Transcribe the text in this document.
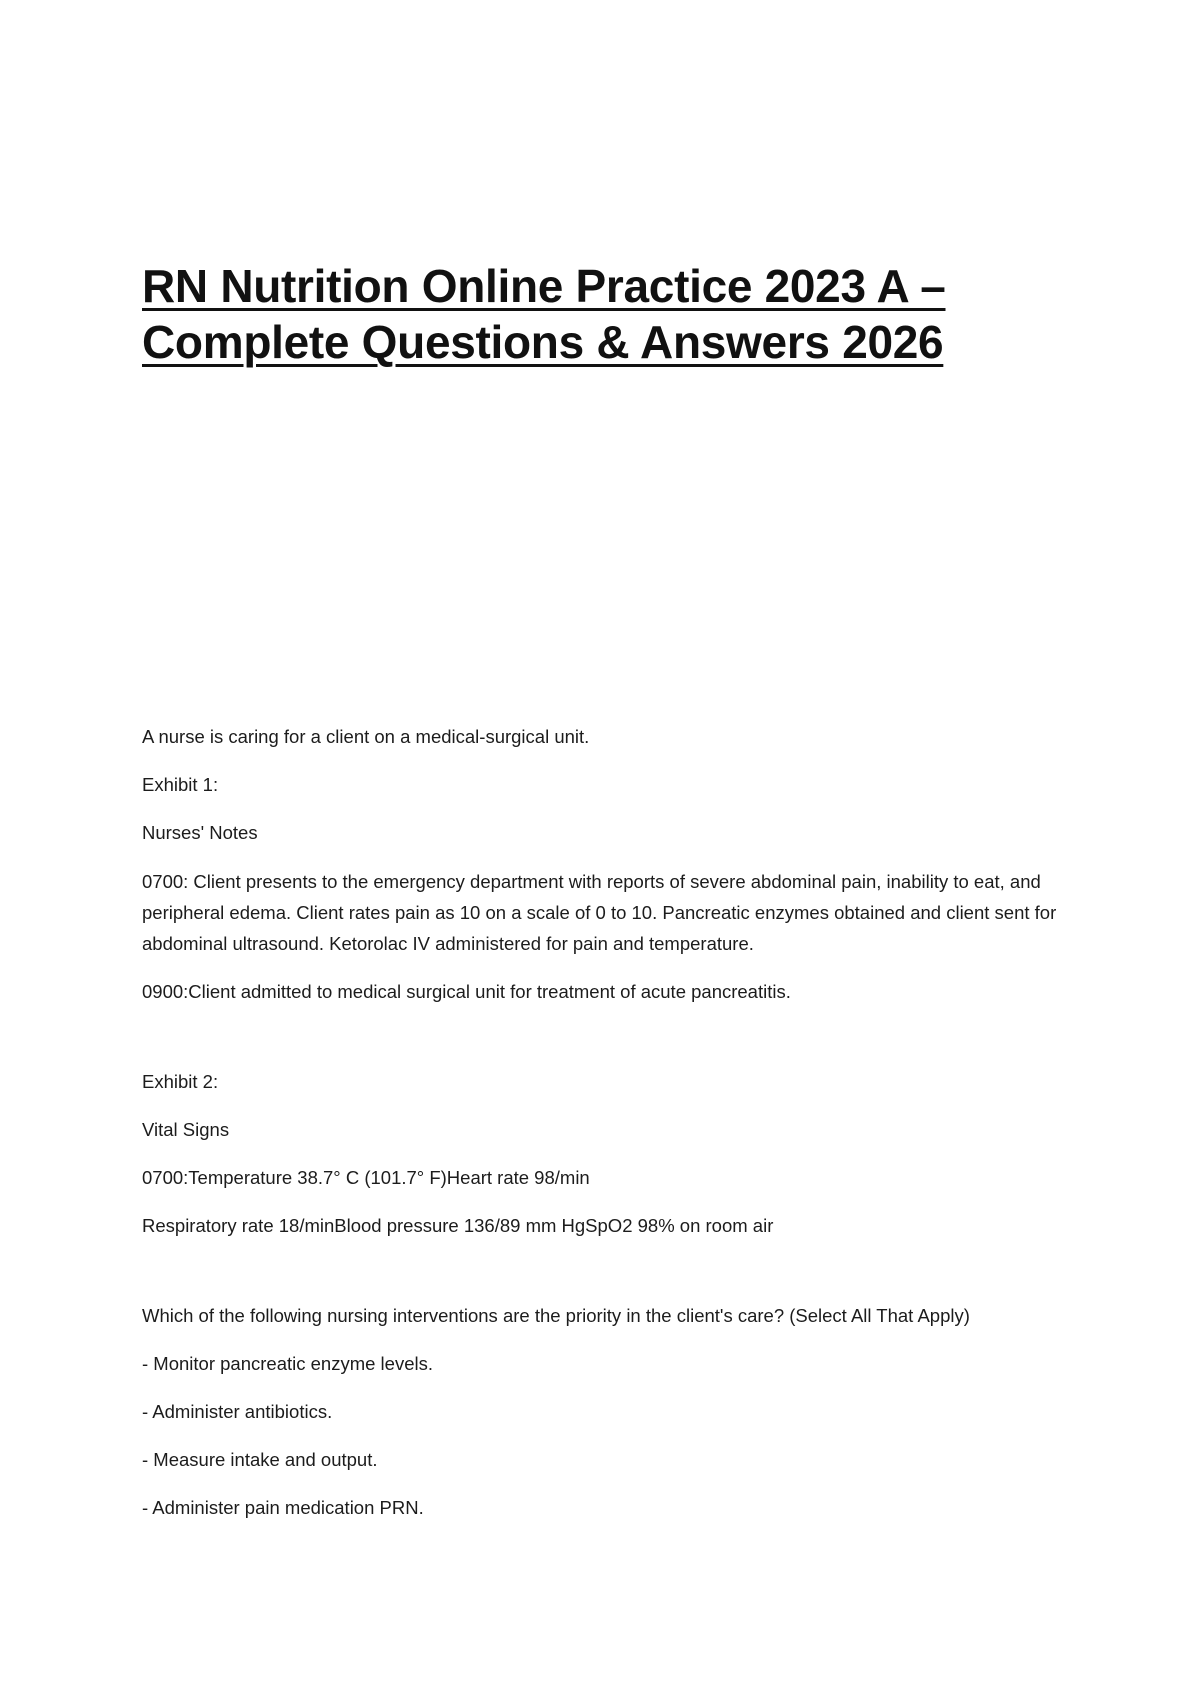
RN Nutrition Online Practice 2023 A –
Complete Questions & Answers 2026

A nurse is caring for a client on a medical-surgical unit.

Exhibit 1:

Nurses' Notes

0700: Client presents to the emergency department with reports of severe abdominal pain, inability to eat, and peripheral edema. Client rates pain as 10 on a scale of 0 to 10. Pancreatic enzymes obtained and client sent for abdominal ultrasound. Ketorolac IV administered for pain and temperature.

0900:Client admitted to medical surgical unit for treatment of acute pancreatitis.

Exhibit 2:

Vital Signs

0700:Temperature 38.7° C (101.7° F)Heart rate 98/min

Respiratory rate 18/minBlood pressure 136/89 mm HgSpO2 98% on room air

Which of the following nursing interventions are the priority in the client's care? (Select All That Apply)

- Monitor pancreatic enzyme levels.

- Administer antibiotics.

- Measure intake and output.

- Administer pain medication PRN.
